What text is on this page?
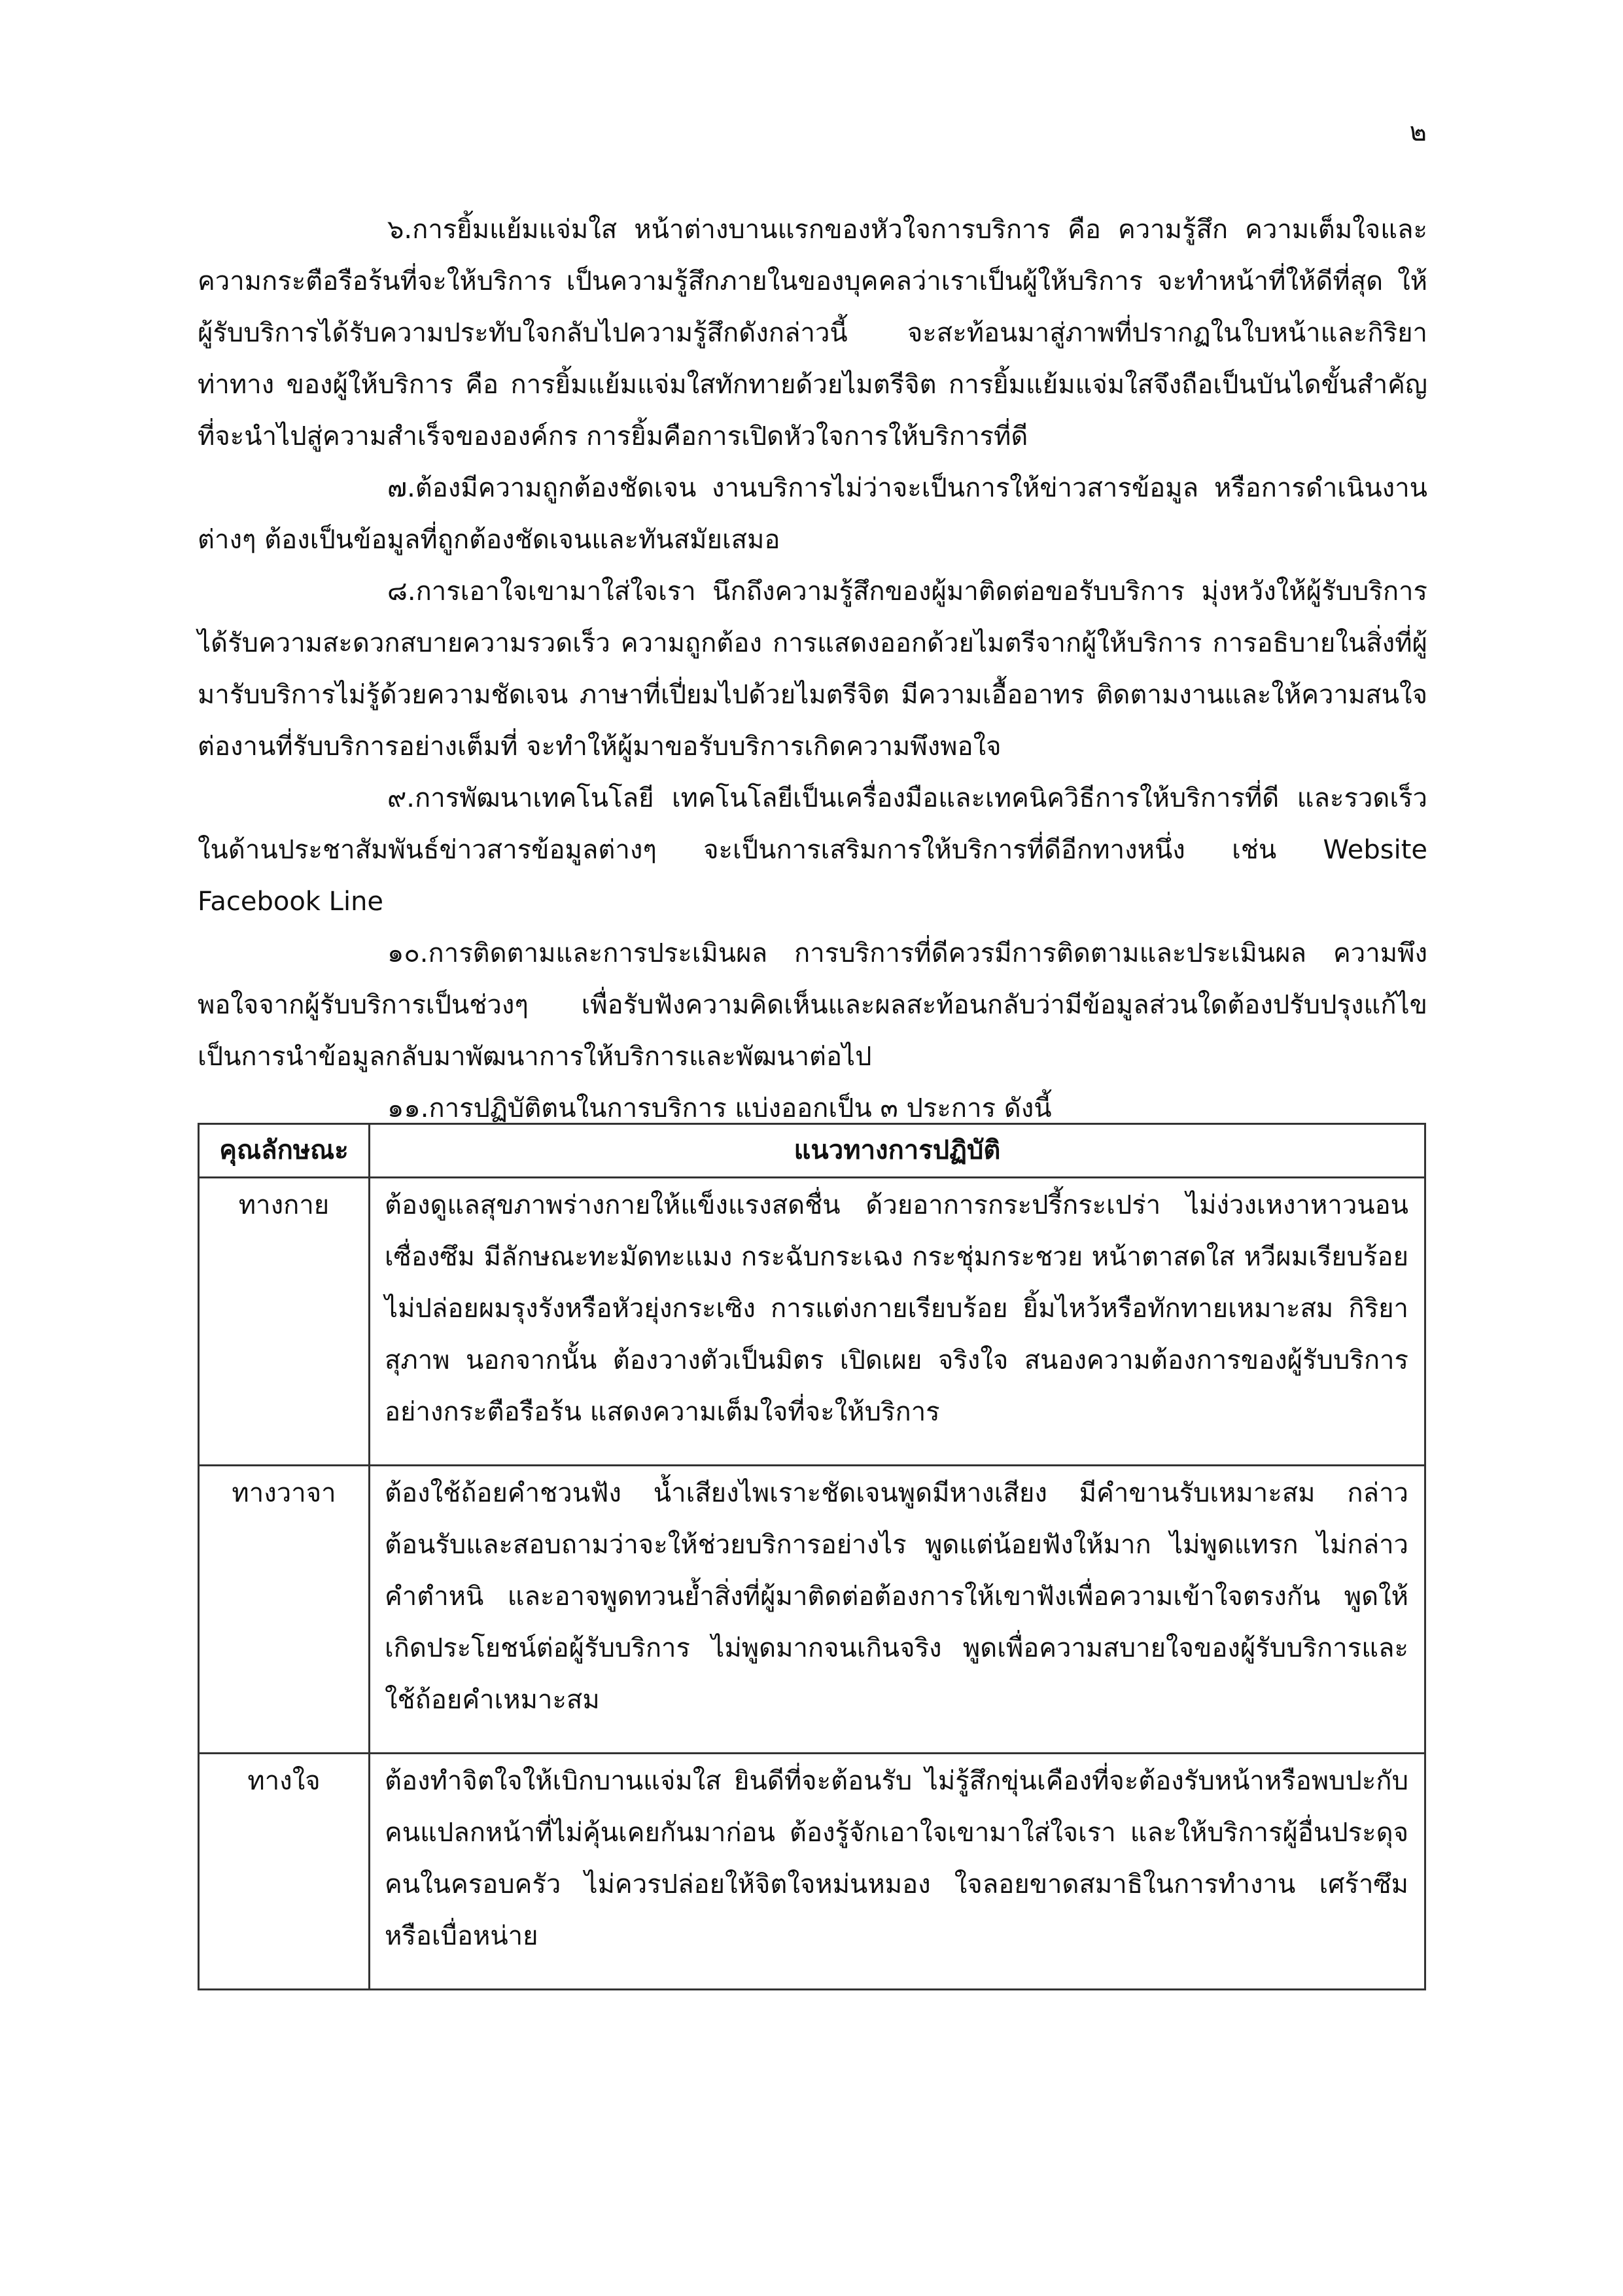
๒

๖.การยิ้มแย้มแจ่มใส หน้าต่างบานแรกของหัวใจการบริการ คือ ความรู้สึก ความเต็มใจและความกระตือรือร้นที่จะให้บริการ เป็นความรู้สึกภายในของบุคคลว่าเราเป็นผู้ให้บริการ จะทำหน้าที่ให้ดีที่สุด ให้ผู้รับบริการได้รับความประทับใจกลับไปความรู้สึกดังกล่าวนี้ จะสะท้อนมาสู่ภาพที่ปรากฏในใบหน้าและกิริยาท่าทาง ของผู้ให้บริการ คือ การยิ้มแย้มแจ่มใสทักทายด้วยไมตรีจิต การยิ้มแย้มแจ่มใสจึงถือเป็นบันไดขั้นสำคัญที่จะนำไปสู่ความสำเร็จขององค์กร การยิ้มคือการเปิดหัวใจการให้บริการที่ดี

๗.ต้องมีความถูกต้องชัดเจน งานบริการไม่ว่าจะเป็นการให้ข่าวสารข้อมูล หรือการดำเนินงานต่างๆ ต้องเป็นข้อมูลที่ถูกต้องชัดเจนและทันสมัยเสมอ

๘.การเอาใจเขามาใส่ใจเรา นึกถึงความรู้สึกของผู้มาติดต่อขอรับบริการ มุ่งหวังให้ผู้รับบริการได้รับความสะดวกสบายความรวดเร็ว ความถูกต้อง การแสดงออกด้วยไมตรีจากผู้ให้บริการ การอธิบายในสิ่งที่ผู้มารับบริการไม่รู้ด้วยความชัดเจน ภาษาที่เปี่ยมไปด้วยไมตรีจิต มีความเอื้ออาทร ติดตามงานและให้ความสนใจต่องานที่รับบริการอย่างเต็มที่ จะทำให้ผู้มาขอรับบริการเกิดความพึงพอใจ

๙.การพัฒนาเทคโนโลยี เทคโนโลยีเป็นเครื่องมือและเทคนิควิธีการให้บริการที่ดี และรวดเร็วในด้านประชาสัมพันธ์ข่าวสารข้อมูลต่างๆ จะเป็นการเสริมการให้บริการที่ดีอีกทางหนึ่ง เช่น Website Facebook Line

๑๐.การติดตามและการประเมินผล การบริการที่ดีควรมีการติดตามและประเมินผล ความพึงพอใจจากผู้รับบริการเป็นช่วงๆ เพื่อรับฟังความคิดเห็นและผลสะท้อนกลับว่ามีข้อมูลส่วนใดต้องปรับปรุงแก้ไข เป็นการนำข้อมูลกลับมาพัฒนาการให้บริการและพัฒนาต่อไป

๑๑.การปฏิบัติตนในการบริการ แบ่งออกเป็น ๓ ประการ ดังนี้

คุณลักษณะ	แนวทางการปฏิบัติ
ทางกาย	ต้องดูแลสุขภาพร่างกายให้แข็งแรงสดชื่น ด้วยอาการกระปรี้กระเปร่า ไม่ง่วงเหงาหาวนอน เซื่องซึม มีลักษณะทะมัดทะแมง กระฉับกระเฉง กระชุ่มกระชวย หน้าตาสดใส หวีผมเรียบร้อย ไม่ปล่อยผมรุงรังหรือหัวยุ่งกระเซิง การแต่งกายเรียบร้อย ยิ้มไหว้หรือทักทายเหมาะสม กิริยาสุภาพ นอกจากนั้น ต้องวางตัวเป็นมิตร เปิดเผย จริงใจ สนองความต้องการของผู้รับบริการอย่างกระตือรือร้น แสดงความเต็มใจที่จะให้บริการ
ทางวาจา	ต้องใช้ถ้อยคำชวนฟัง น้ำเสียงไพเราะชัดเจนพูดมีหางเสียง มีคำขานรับเหมาะสม กล่าวต้อนรับและสอบถามว่าจะให้ช่วยบริการอย่างไร พูดแต่น้อยฟังให้มาก ไม่พูดแทรก ไม่กล่าวคำตำหนิ และอาจพูดทวนย้ำสิ่งที่ผู้มาติดต่อต้องการให้เขาฟังเพื่อความเข้าใจตรงกัน พูดให้เกิดประโยชน์ต่อผู้รับบริการ ไม่พูดมากจนเกินจริง พูดเพื่อความสบายใจของผู้รับบริการและใช้ถ้อยคำเหมาะสม
ทางใจ	ต้องทำจิตใจให้เบิกบานแจ่มใส ยินดีที่จะต้อนรับ ไม่รู้สึกขุ่นเคืองที่จะต้องรับหน้าหรือพบปะกับคนแปลกหน้าที่ไม่คุ้นเคยกันมาก่อน ต้องรู้จักเอาใจเขามาใส่ใจเรา และให้บริการผู้อื่นประดุจคนในครอบครัว ไม่ควรปล่อยให้จิตใจหม่นหมอง ใจลอยขาดสมาธิในการทำงาน เศร้าซึมหรือเบื่อหน่าย
